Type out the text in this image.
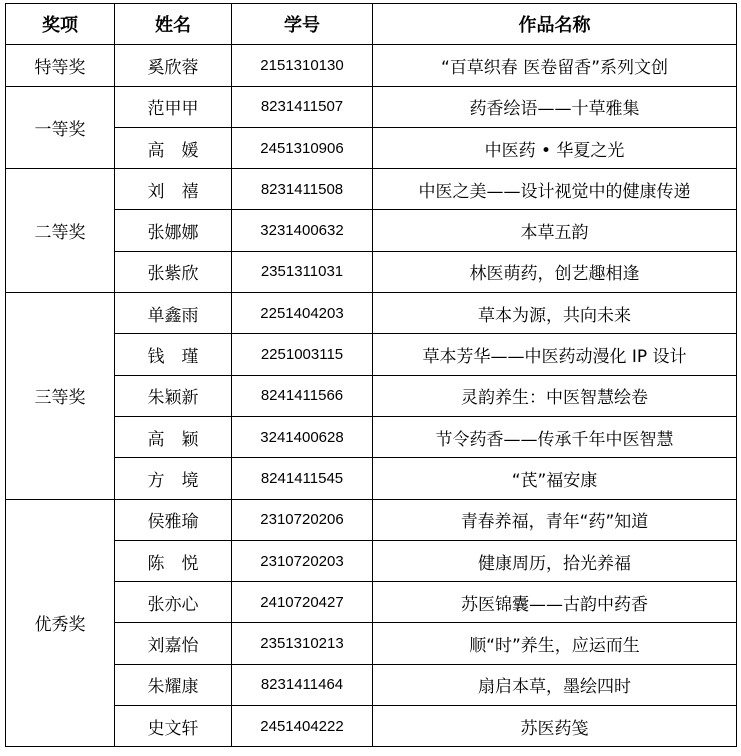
奖项	姓名	学号	作品名称
特等奖	奚欣蓉	2151310130	“百草织春 医卷留香”系列文创
一等奖	范甲甲	8231411507	药香绘语——十草雅集
	高　媛	2451310906	中医药 • 华夏之光
二等奖	刘　禧	8231411508	中医之美——设计视觉中的健康传递
	张娜娜	3231400632	本草五韵
	张紫欣	2351311031	林医萌药，创艺趣相逢
三等奖	单鑫雨	2251404203	草本为源，共向未来
	钱　瑾	2251003115	草本芳华——中医药动漫化 IP 设计
	朱颖新	8241411566	灵韵养生：中医智慧绘卷
	高　颖	3241400628	节令药香——传承千年中医智慧
	方　境	8241411545	“芪”福安康
优秀奖	侯雅瑜	2310720206	青春养福，青年“药”知道
	陈　悦	2310720203	健康周历，拾光养福
	张亦心	2410720427	苏医锦囊——古韵中药香
	刘嘉怡	2351310213	顺“时”养生，应运而生
	朱耀康	8231411464	扇启本草，墨绘四时
	史文轩	2451404222	苏医药笺
